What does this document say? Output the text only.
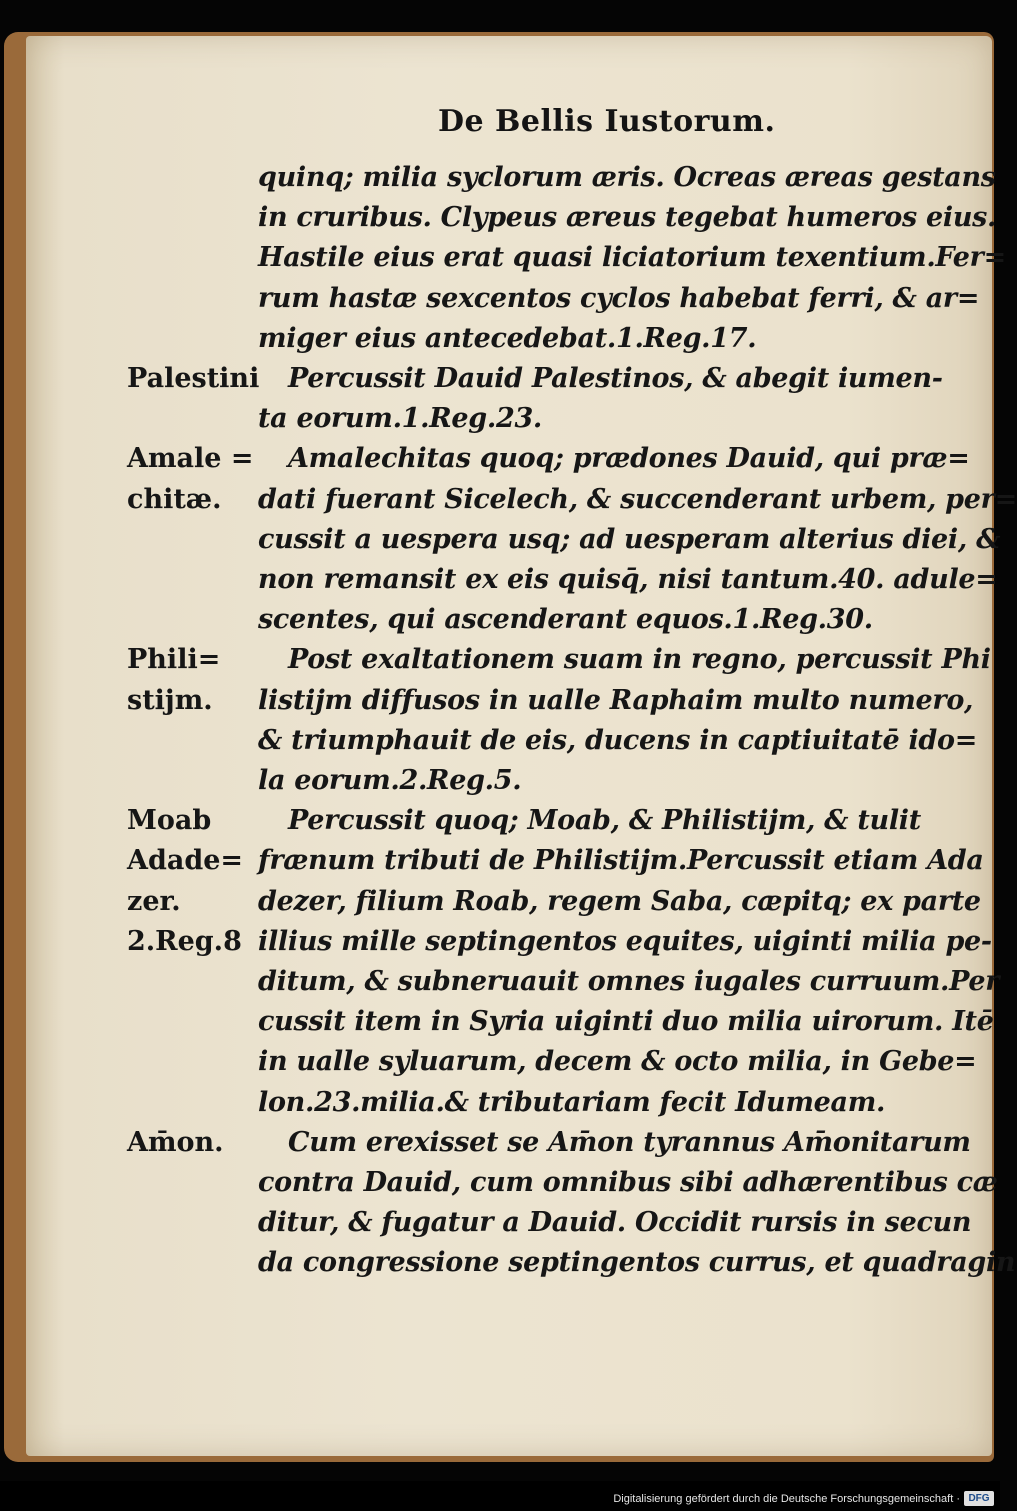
De Bellis Iustorum.
quinq; milia syclorum æris. Ocreas æreas gestans
in cruribus. Clypeus æreus tegebat humeros eius.
Hastile eius erat quasi liciatorium texentium.Fer=
rum hastæ sexcentos cyclos habebat ferri, & ar=
miger eius antecedebat.1.Reg.17.
Percussit Dauid Palestinos, & abegit iumen-
ta eorum.1.Reg.23.
Amalechitas quoq; prædones Dauid, qui præ=
dati fuerant Sicelech, & succenderant urbem, per=
cussit a uespera usq; ad uesperam alterius diei, &
non remansit ex eis quisq̄, nisi tantum.40. adule=
scentes, qui ascenderant equos.1.Reg.30.
Post exaltationem suam in regno, percussit Phi
listijm diffusos in ualle Raphaim multo numero,
& triumphauit de eis, ducens in captiuitatē ido=
la eorum.2.Reg.5.
Percussit quoq; Moab, & Philistijm, & tulit
frænum tributi de Philistijm.Percussit etiam Ada
dezer, filium Roab, regem Saba, cæpitq; ex parte
illius mille septingentos equites, uiginti milia pe-
ditum, & subneruauit omnes iugales curruum.Per
cussit item in Syria uiginti duo milia uirorum. Itē
in ualle syluarum, decem & octo milia, in Gebe=
lon.23.milia.& tributariam fecit Idumeam.
Cum erexisset se Am̄on tyrannus Am̄onitarum
contra Dauid, cum omnibus sibi adhærentibus cæ
ditur, & fugatur a Dauid. Occidit rursis in secun
da congressione septingentos currus, et quadragin
Palestini
Amale =
chitæ.
Phili=
stijm.
Moab
Adade=
zer.
2.Reg.8
Am̄on.
Digitalisierung gefördert durch die Deutsche Forschungsgemeinschaft · DFG
